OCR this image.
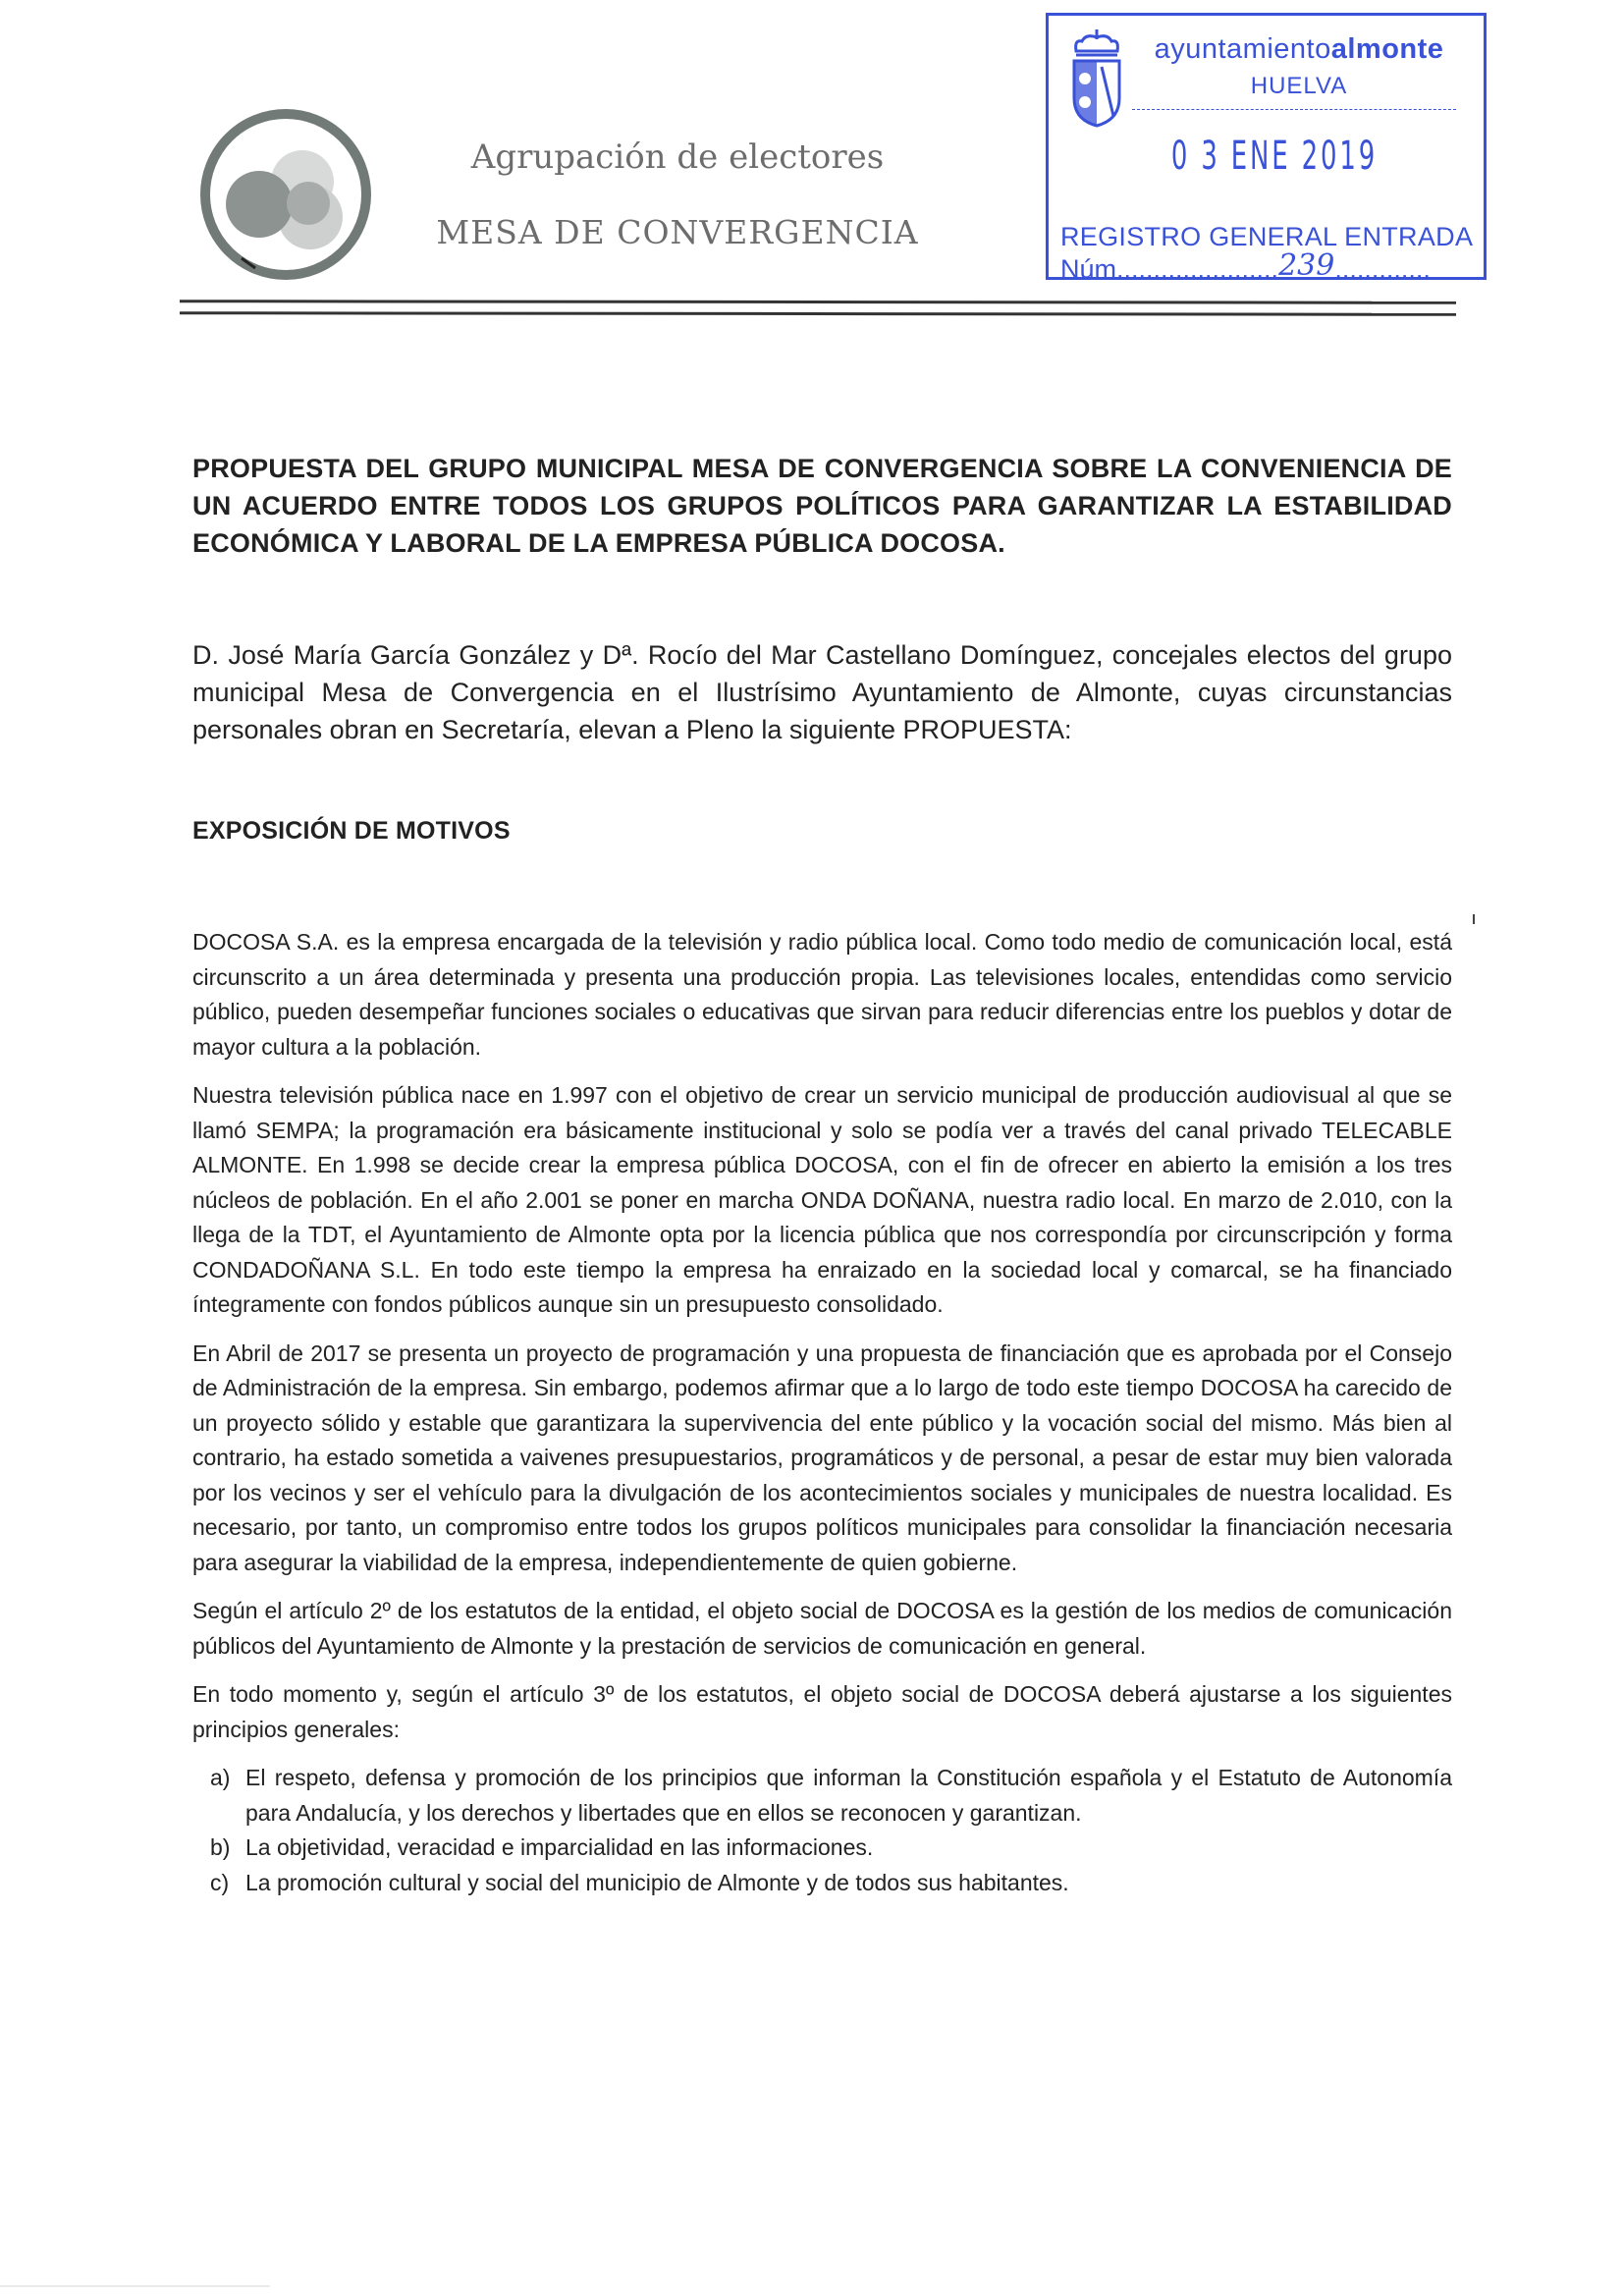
Agrupación de electores
MESA DE CONVERGENCIA
ayuntamientoalmonte
HUELVA
0 3 ENE 2019
REGISTRO GENERAL ENTRADA
Núm......................239.............
PROPUESTA DEL GRUPO MUNICIPAL MESA DE CONVERGENCIA SOBRE LA CONVENIENCIA DE UN ACUERDO ENTRE TODOS LOS GRUPOS POLÍTICOS PARA GARANTIZAR LA ESTABILIDAD ECONÓMICA Y LABORAL DE LA EMPRESA PÚBLICA DOCOSA.
D. José María García González y Dª. Rocío del Mar Castellano Domínguez, concejales electos del grupo municipal Mesa de Convergencia en el Ilustrísimo Ayuntamiento de Almonte, cuyas circunstancias personales obran en Secretaría, elevan a Pleno la siguiente PROPUESTA:
EXPOSICIÓN DE MOTIVOS

DOCOSA S.A. es la empresa encargada de la televisión y radio pública local. Como todo medio de comunicación local, está circunscrito a un área determinada y presenta una producción propia. Las televisiones locales, entendidas como servicio público, pueden desempeñar funciones sociales o educativas que sirvan para reducir diferencias entre los pueblos y dotar de mayor cultura a la población.

Nuestra televisión pública nace en 1.997 con el objetivo de crear un servicio municipal de producción audiovisual al que se llamó SEMPA; la programación era básicamente institucional y solo se podía ver a través del canal privado TELECABLE ALMONTE. En 1.998 se decide crear la empresa pública DOCOSA, con el fin de ofrecer en abierto la emisión a los tres núcleos de población. En el año 2.001 se poner en marcha ONDA DOÑANA, nuestra radio local. En marzo de 2.010, con la llega de la TDT, el Ayuntamiento de Almonte opta por la licencia pública que nos correspondía por circunscripción y forma CONDADOÑANA S.L. En todo este tiempo la empresa ha enraizado en la sociedad local y comarcal, se ha financiado íntegramente con fondos públicos aunque sin un presupuesto consolidado.

En Abril de 2017 se presenta un proyecto de programación y una propuesta de financiación que es aprobada por el Consejo de Administración de la empresa. Sin embargo, podemos afirmar que a lo largo de todo este tiempo DOCOSA ha carecido de un proyecto sólido y estable que garantizara la supervivencia del ente público y la vocación social del mismo. Más bien al contrario, ha estado sometida a vaivenes presupuestarios, programáticos y de personal, a pesar de estar muy bien valorada por los vecinos y ser el vehículo para la divulgación de los acontecimientos sociales y municipales de nuestra localidad. Es necesario, por tanto, un compromiso entre todos los grupos políticos municipales para consolidar la financiación necesaria para asegurar la viabilidad de la empresa, independientemente de quien gobierne.

Según el artículo 2º de los estatutos de la entidad, el objeto social de DOCOSA es la gestión de los medios de comunicación públicos del Ayuntamiento de Almonte y la prestación de servicios de comunicación en general.

En todo momento y, según el artículo 3º de los estatutos, el objeto social de DOCOSA deberá ajustarse a los siguientes principios generales:

a) El respeto, defensa y promoción de los principios que informan la Constitución española y el Estatuto de Autonomía para Andalucía, y los derechos y libertades que en ellos se reconocen y garantizan.
b) La objetividad, veracidad e imparcialidad en las informaciones.
c) La promoción cultural y social del municipio de Almonte y de todos sus habitantes.
